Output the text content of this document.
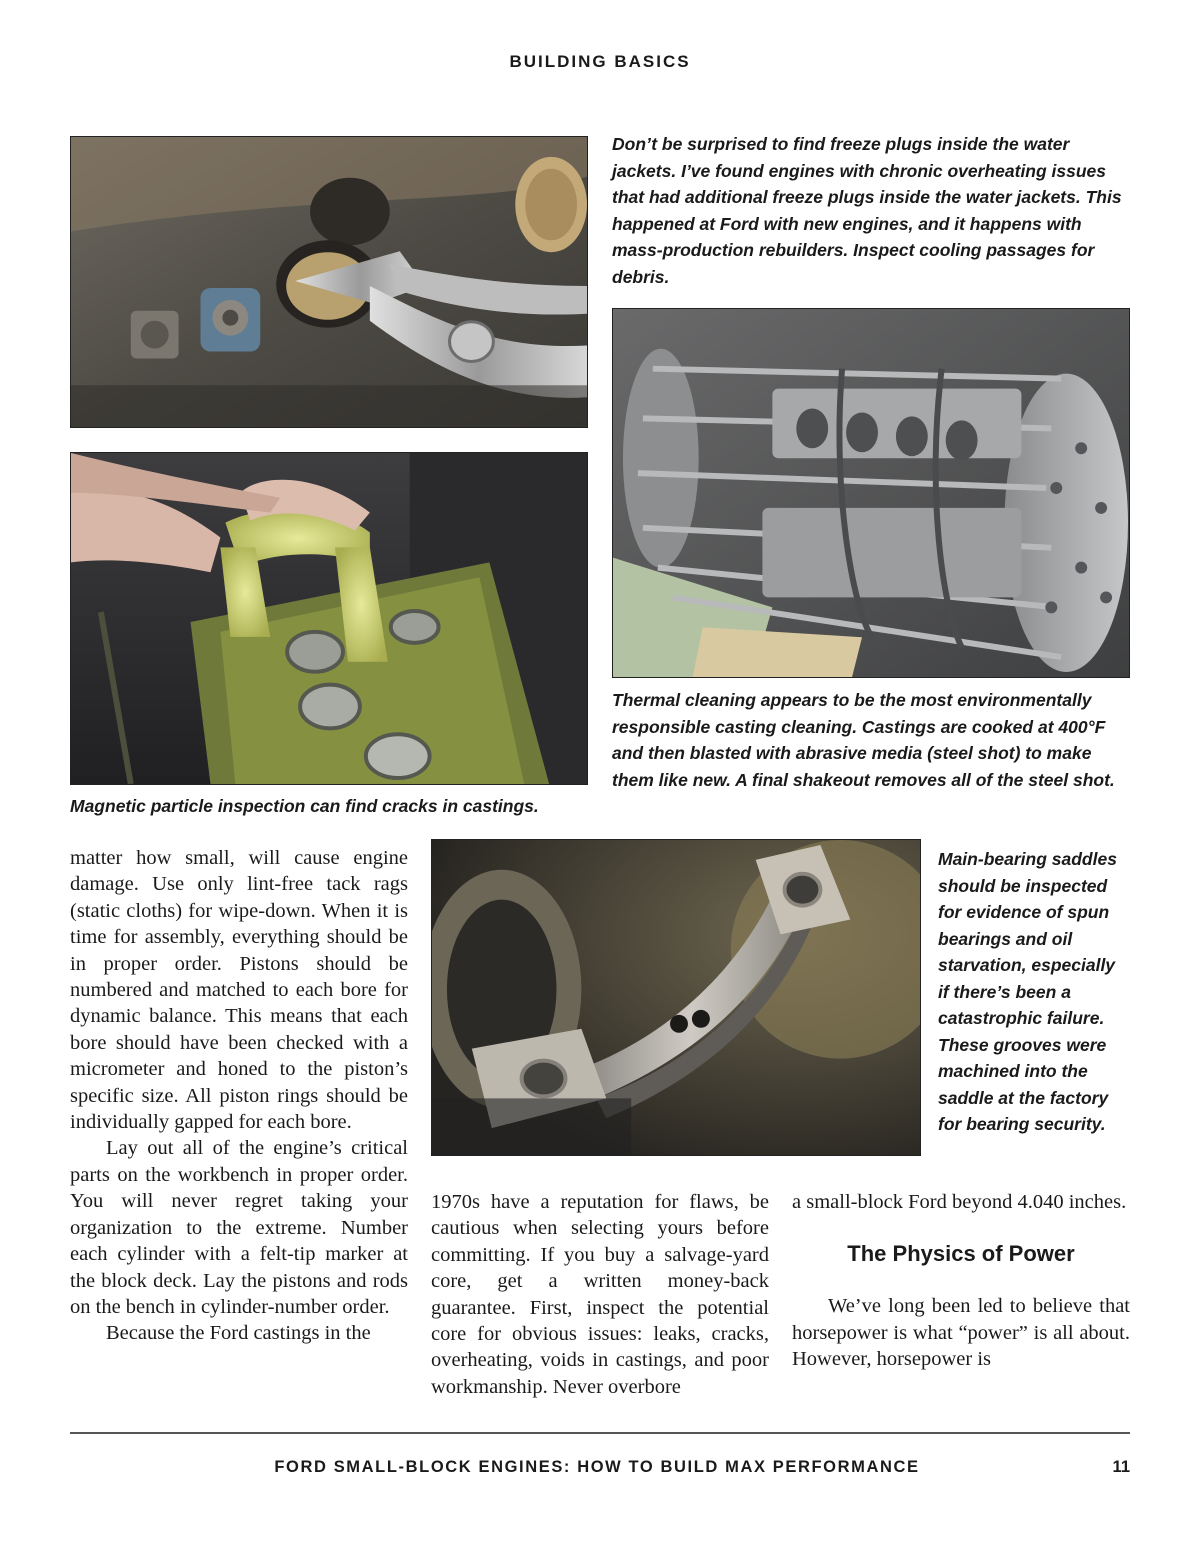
BUILDING BASICS

Don’t be surprised to find freeze plugs inside the water jackets. I’ve found engines with chronic overheating issues that had additional freeze plugs inside the water jackets. This happened at Ford with new engines, and it happens with mass-production rebuilders. Inspect cooling passages for debris.

Magnetic particle inspection can find cracks in castings.

Thermal cleaning appears to be the most environmentally responsible casting cleaning. Castings are cooked at 400°F and then blasted with abrasive media (steel shot) to make them like new. A final shakeout removes all of the steel shot.

Main-bearing saddles should be inspected for evidence of spun bearings and oil starvation, especially if there’s been a catastrophic failure. These grooves were machined into the saddle at the factory for bearing security.

matter how small, will cause engine damage. Use only lint-free tack rags (static cloths) for wipe-down. When it is time for assembly, everything should be in proper order. Pistons should be numbered and matched to each bore for dynamic balance. This means that each bore should have been checked with a micrometer and honed to the piston’s specific size. All piston rings should be individually gapped for each bore.

Lay out all of the engine’s critical parts on the workbench in proper order. You will never regret taking your organization to the extreme. Number each cylinder with a felt-tip marker at the block deck. Lay the pistons and rods on the bench in cylinder-number order.

Because the Ford castings in the

1970s have a reputation for flaws, be cautious when selecting yours before committing. If you buy a salvage-yard core, get a written money-back guarantee. First, inspect the potential core for obvious issues: leaks, cracks, overheating, voids in castings, and poor workmanship. Never overbore

a small-block Ford beyond 4.040 inches.

The Physics of Power

We’ve long been led to believe that horsepower is what “power” is all about. However, horsepower is

FORD SMALL-BLOCK ENGINES: HOW TO BUILD MAX PERFORMANCE	11
